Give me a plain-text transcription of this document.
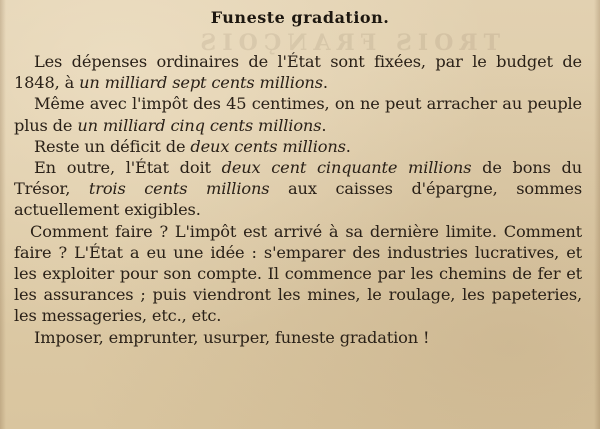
TROIS FRANÇOIS
Funeste gradation.

Les dépenses ordinaires de l'État sont fixées, par le budget de 1848, à un milliard sept cents millions.

Même avec l'impôt des 45 centimes, on ne peut arracher au peuple plus de un milliard cinq cents millions.

Reste un déficit de deux cents millions.

En outre, l'État doit deux cent cinquante millions de bons du Trésor, trois cents millions aux caisses d'épargne, sommes actuellement exigibles.

Comment faire ? L'impôt est arrivé à sa dernière limite. Comment faire ? L'État a eu une idée : s'emparer des industries lucratives, et les exploiter pour son compte. Il commence par les chemins de fer et les assurances ; puis viendront les mines, le roulage, les papeteries, les messageries, etc., etc.

Imposer, emprunter, usurper, funeste gradation !
